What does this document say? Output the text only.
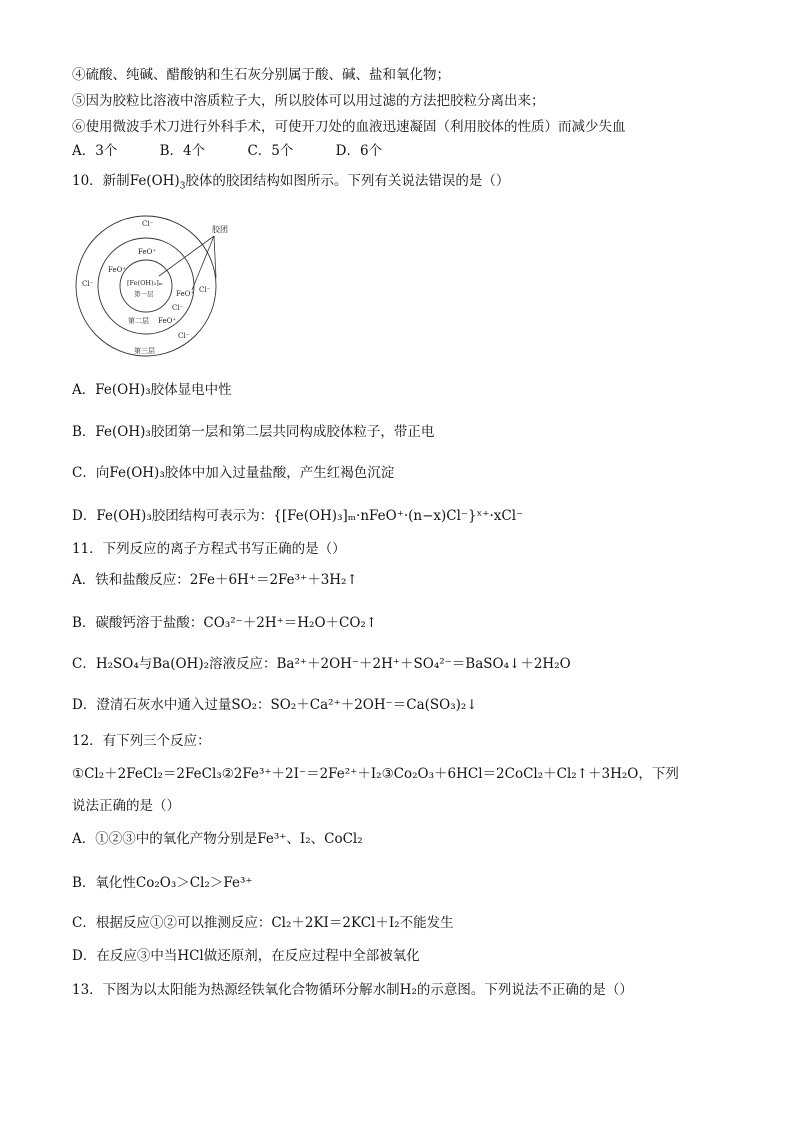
④硫酸、纯碱、醋酸钠和生石灰分别属于酸、碱、盐和氧化物；
⑤因为胶粒比溶液中溶质粒子大，所以胶体可以用过滤的方法把胶粒分离出来；
⑥使用微波手术刀进行外科手术，可使开刀处的血液迅速凝固（利用胶体的性质）而减少失血
A．3个	B．4个	C．5个	D．6个
10．新制$Fe(OH)_3$胶体的胶团结构如图所示。下列有关说法错误的是（）
胶团
Cl⁻
Cl⁻
Cl⁻
Cl⁻
FeO⁺
FeO⁺
FeO⁺
Cl⁻
FeO⁺
[Fe(OH)₃]ₘ
第一层
第二层
第三层
A．Fe(OH)₃胶体显电中性
B．Fe(OH)₃胶团第一层和第二层共同构成胶体粒子，带正电
C．向Fe(OH)₃胶体中加入过量盐酸，产生红褐色沉淀
D．Fe(OH)₃胶团结构可表示为：{[Fe(OH)₃]ₘ·nFeO⁺·(n−x)Cl⁻}ˣ⁺·xCl⁻
11．下列反应的离子方程式书写正确的是（）
A．铁和盐酸反应：2Fe＋6H⁺＝2Fe³⁺＋3H₂↑
B．碳酸钙溶于盐酸：CO₃²⁻＋2H⁺＝H₂O＋CO₂↑
C．H₂SO₄与Ba(OH)₂溶液反应：Ba²⁺＋2OH⁻＋2H⁺＋SO₄²⁻＝BaSO₄↓＋2H₂O
D．澄清石灰水中通入过量SO₂：SO₂＋Ca²⁺＋2OH⁻＝Ca(SO₃)₂↓
12．有下列三个反应：
①Cl₂＋2FeCl₂＝2FeCl₃②2Fe³⁺＋2I⁻＝2Fe²⁺＋I₂③Co₂O₃＋6HCl＝2CoCl₂＋Cl₂↑＋3H₂O，下列
说法正确的是（）
A．①②③中的氧化产物分别是Fe³⁺、I₂、CoCl₂
B．氧化性Co₂O₃＞Cl₂＞Fe³⁺
C．根据反应①②可以推测反应：Cl₂＋2KI＝2KCl＋I₂不能发生
D．在反应③中当HCl做还原剂，在反应过程中全部被氧化
13．下图为以太阳能为热源经铁氧化合物循环分解水制H₂的示意图。下列说法不正确的是（）
